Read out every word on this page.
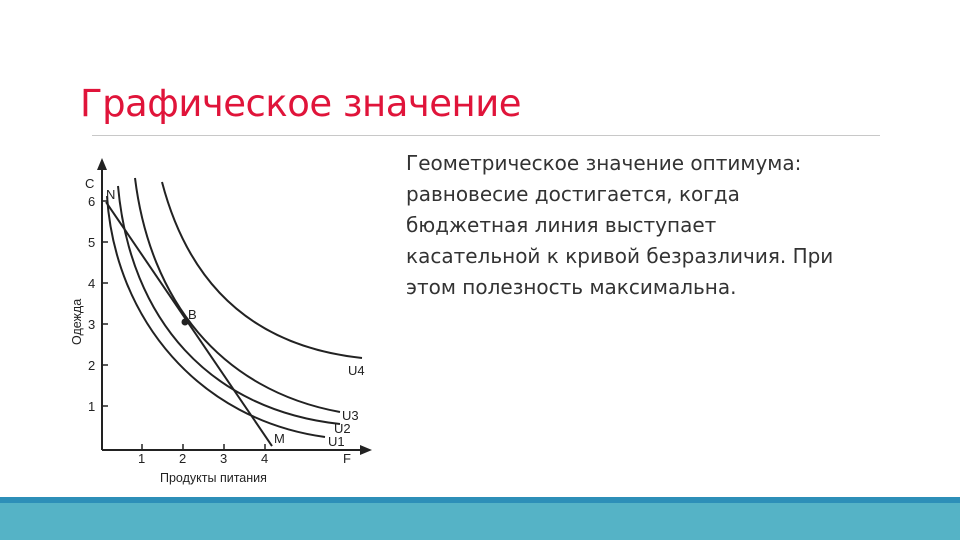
Графическое значение
Геометрическое значение оптимума:
равновесие достигается, когда
бюджетная линия выступает
касательной к кривой безразличия. При
этом полезность максимальна.
C
F
1
2
3
4
5
6
1	2	3	4
Продукты питания
Одежда
N
B
M
U4
U3
U2
U1
